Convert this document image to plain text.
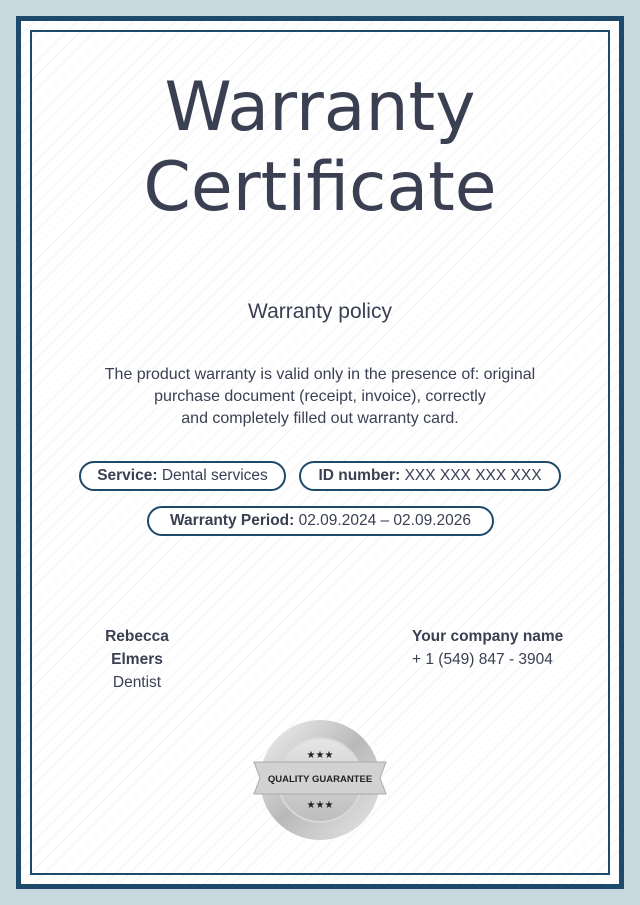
Warranty
Certificate
Warranty policy
The product warranty is valid only in the presence of: original
purchase document (receipt, invoice), correctly
and completely filled out warranty card.
Service: Dental services	ID number: XXX XXX XXX XXX
Warranty Period: 02.09.2024 – 02.09.2026
Rebecca Elmers
Dentist
Your company name
+ 1 (549) 847 - 3904
QUALITY GUARANTEE
★★★
★★★
